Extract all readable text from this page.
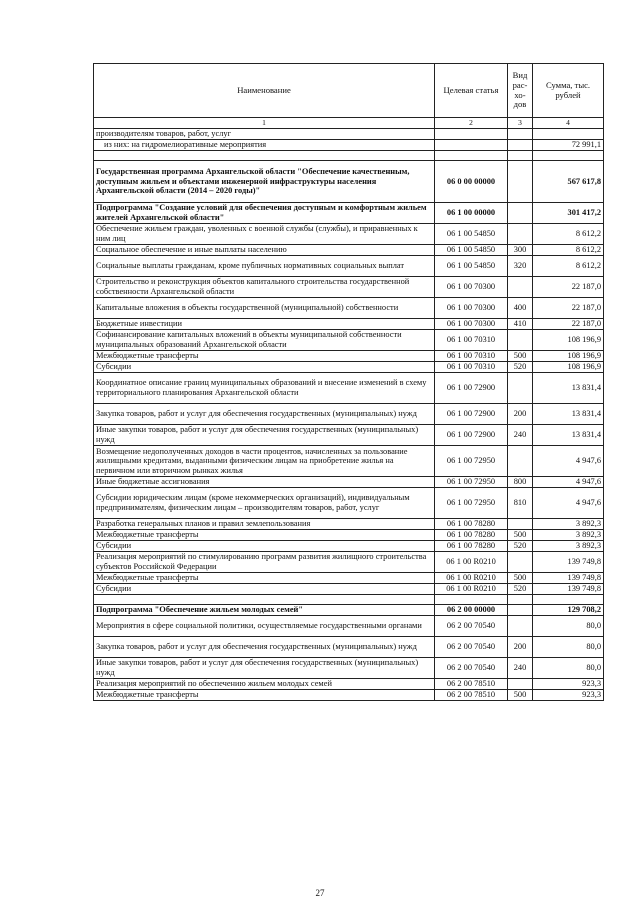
Наименование	Целевая статья	Вид рас- хо- дов	Сумма, тыс. рублей
1	2	3	4
производителям товаров, работ, услуг			
из них: на гидромелиоративные мероприятия			72 991,1

Государственная программа Архангельской области "Обеспечение качественным, доступным жильем и объектами инженерной инфраструктуры населения Архангельской области (2014 – 2020 годы)"	06 0 00 00000		567 617,8
Подпрограмма "Создание условий для обеспечения доступным и комфортным жильем жителей Архангельской области"	06 1 00 00000		301 417,2
Обеспечение жильем граждан, уволенных с военной службы (службы), и приравненных к ним лиц	06 1 00 54850		8 612,2
Социальное обеспечение и иные выплаты населению	06 1 00 54850	300	8 612,2
Социальные выплаты гражданам, кроме публичных нормативных социальных выплат	06 1 00 54850	320	8 612,2
Строительство и реконструкция объектов капитального строительства государственной собственности Архангельской области	06 1 00 70300		22 187,0
Капитальные вложения в объекты государственной (муниципальной) собственности	06 1 00 70300	400	22 187,0
Бюджетные инвестиции	06 1 00 70300	410	22 187,0
Софинансирование капитальных вложений в объекты муниципальной собственности муниципальных образований Архангельской области	06 1 00 70310		108 196,9
Межбюджетные трансферты	06 1 00 70310	500	108 196,9
Субсидии	06 1 00 70310	520	108 196,9
Координатное описание границ муниципальных образований и внесение изменений в схему территориального планирования Архангельской области	06 1 00 72900		13 831,4
Закупка товаров, работ и услуг для обеспечения государственных (муниципальных) нужд	06 1 00 72900	200	13 831,4
Иные закупки товаров, работ и услуг для обеспечения государственных (муниципальных) нужд	06 1 00 72900	240	13 831,4
Возмещение недополученных доходов в части процентов, начисленных за пользование жилищными кредитами, выданными физическим лицам на приобретение жилья на первичном или вторичном рынках жилья	06 1 00 72950		4 947,6
Иные бюджетные ассигнования	06 1 00 72950	800	4 947,6
Субсидии юридическим лицам (кроме некоммерческих организаций), индивидуальным предпринимателям, физическим лицам – производителям товаров, работ, услуг	06 1 00 72950	810	4 947,6
Разработка генеральных планов и правил землепользования	06 1 00 78280		3 892,3
Межбюджетные трансферты	06 1 00 78280	500	3 892,3
Субсидии	06 1 00 78280	520	3 892,3
Реализация мероприятий по стимулированию программ развития жилищного строительства субъектов Российской Федерации	06 1 00 R0210		139 749,8
Межбюджетные трансферты	06 1 00 R0210	500	139 749,8
Субсидии	06 1 00 R0210	520	139 749,8

Подпрограмма "Обеспечение жильем молодых семей"	06 2 00 00000		129 708,2
Мероприятия в сфере социальной политики, осуществляемые государственными органами	06 2 00 70540		80,0
Закупка товаров, работ и услуг для обеспечения государственных (муниципальных) нужд	06 2 00 70540	200	80,0
Иные закупки товаров, работ и услуг для обеспечения государственных (муниципальных) нужд	06 2 00 70540	240	80,0
Реализация мероприятий по обеспечению жильем молодых семей	06 2 00 78510		923,3
Межбюджетные трансферты	06 2 00 78510	500	923,3
27
